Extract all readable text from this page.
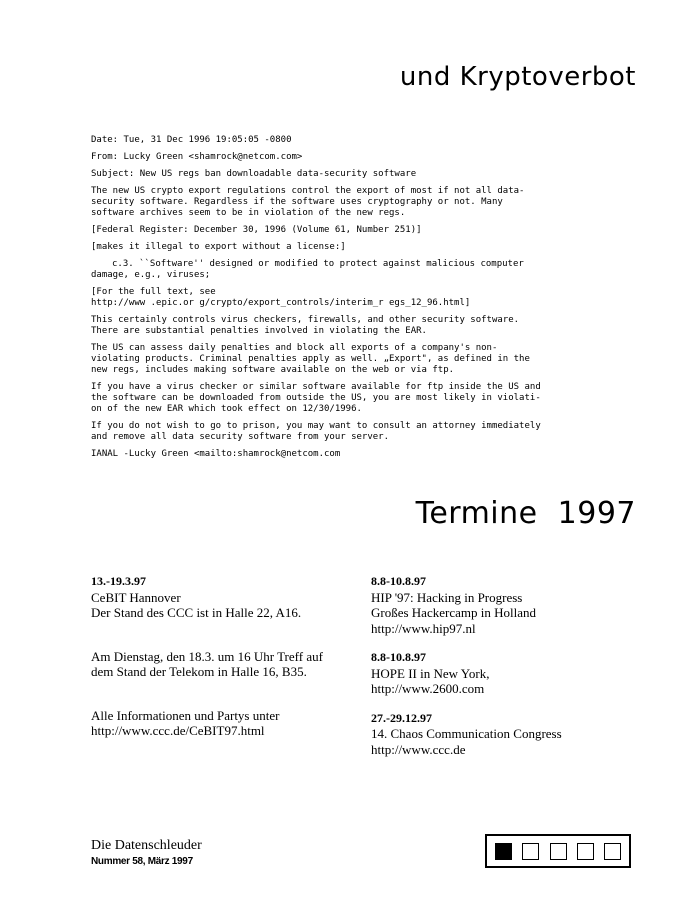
und Kryptoverbot

Date: Tue, 31 Dec 1996 19:05:05 -0800

From: Lucky Green <shamrock@netcom.com>

Subject: New US regs ban downloadable data-security software

The new US crypto export regulations control the export of most if not all data-
security software. Regardless if the software uses cryptography or not. Many
software archives seem to be in violation of the new regs.

[Federal Register: December 30, 1996 (Volume 61, Number 251)]

[makes it illegal to export without a license:]

c.3. ``Software'' designed or modified to protect against malicious computer
damage, e.g., viruses;

[For the full text, see
http://www .epic.or g/crypto/export_controls/interim_r egs_12_96.html]

This certainly controls virus checkers, firewalls, and other security software.
There are substantial penalties involved in violating the EAR.

The US can assess daily penalties and block all exports of a company's non-
violating products. Criminal penalties apply as well. „Export", as defined in the
new regs, includes making software available on the web or via ftp.

If you have a virus checker or similar software available for ftp inside the US and
the software can be downloaded from outside the US, you are most likely in violati-
on of the new EAR which took effect on 12/30/1996.

If you do not wish to go to prison, you may want to consult an attorney immediately
and remove all data security software from your server.

IANAL -Lucky Green <mailto:shamrock@netcom.com

Termine 1997
13.-19.3.97
CeBIT Hannover
Der Stand des CCC ist in Halle 22, A16.
Am Dienstag, den 18.3. um 16 Uhr Treff auf
dem Stand der Telekom in Halle 16, B35.
Alle Informationen und Partys unter
http://www.ccc.de/CeBIT97.html
8.8-10.8.97
HIP '97: Hacking in Progress
Großes Hackercamp in Holland
http://www.hip97.nl
8.8-10.8.97
HOPE II in New York,
http://www.2600.com
27.-29.12.97
14. Chaos Communication Congress
http://www.ccc.de

Die Datenschleuder

Nummer 58, März 1997
